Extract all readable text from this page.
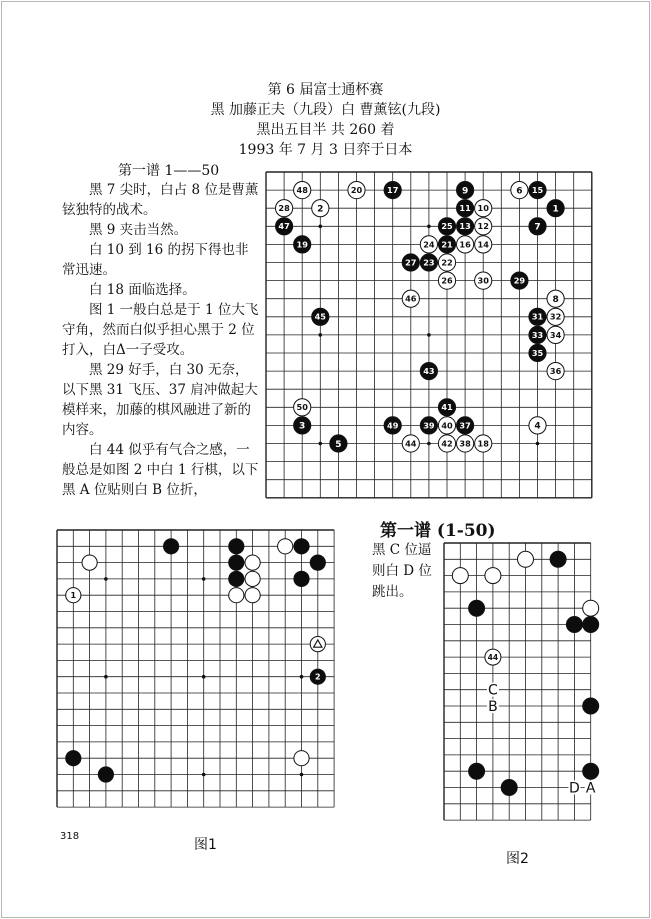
第 6 届富士通杯赛
黑 加藤正夫（九段）白 曹薰铉(九段)
黑出五目半 共 260 着
1993 年 7 月 3 日弈于日本
第一谱 1——50

　　黑 7 尖时，白占 8 位是曹薰铉独特的战术。

　　黑 9 夹击当然。

　　白 10 到 16 的拐下得也非常迅速。

　　白 18 面临选择。

　　图 1 一般白总是于 1 位大飞守角，然而白似乎担心黑于 2 位打入，白Δ一子受攻。

　　黑 29 好手，白 30 无奈，以下黑 31 飞压、37 肩冲做起大模样来，加藤的棋风融进了新的内容。

　　白 44 似乎有气合之感，一般总是如图 2 中白 1 行棋，以下黑 A 位贴则白 B 位折，

48	20	17	9	6 15
28	2	11 10	1
47	25 13 12	7
19	24 21 16 14
27 23 22
26	30	29
46	8
45	31 32
33 34
35
43	36
50	41
3	49	39 40 37	4
5	44	42 38 18
第一谱 (1-50)
1
2
图1
黑 C 位逼则白 D 位跳出。
44
C
B
D A
图2
318
